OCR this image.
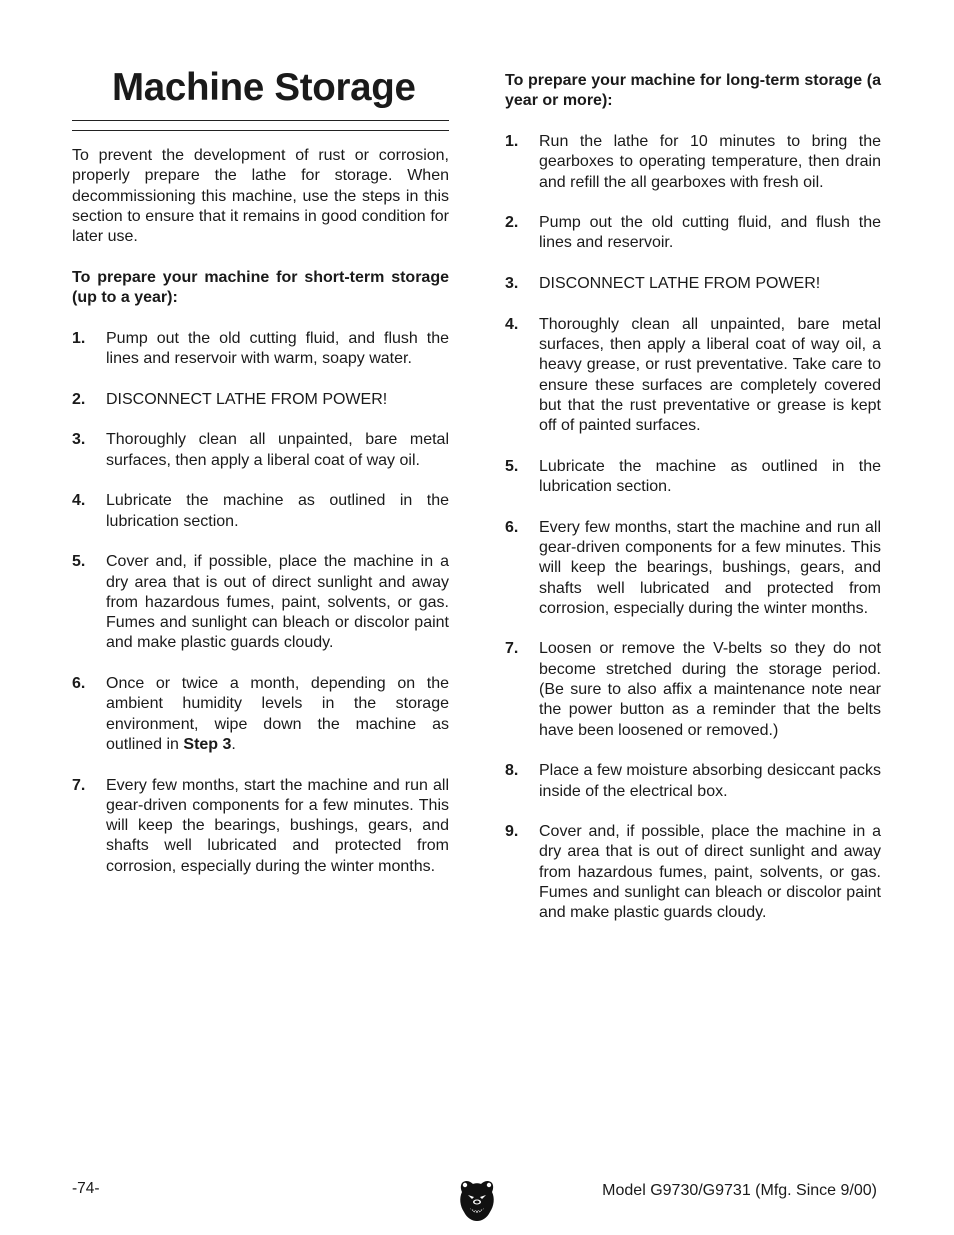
Machine Storage

To prevent the development of rust or corrosion, properly prepare the lathe for storage. When decommissioning this machine, use the steps in this section to ensure that it remains in good condition for later use.

To prepare your machine for short-term storage (up to a year):
1. Pump out the old cutting fluid, and flush the lines and reservoir with warm, soapy water.
2. DISCONNECT LATHE FROM POWER!
3. Thoroughly clean all unpainted, bare metal surfaces, then apply a liberal coat of way oil.
4. Lubricate the machine as outlined in the lubrication section.
5. Cover and, if possible, place the machine in a dry area that is out of direct sunlight and away from hazardous fumes, paint, solvents, or gas. Fumes and sunlight can bleach or discolor paint and make plastic guards cloudy.
6. Once or twice a month, depending on the ambient humidity levels in the storage environment, wipe down the machine as outlined in Step 3.
7. Every few months, start the machine and run all gear-driven components for a few minutes. This will keep the bearings, bushings, gears, and shafts well lubricated and protected from corrosion, especially during the winter months.
To prepare your machine for long-term storage (a year or more):
1. Run the lathe for 10 minutes to bring the gearboxes to operating temperature, then drain and refill the all gearboxes with fresh oil.
2. Pump out the old cutting fluid, and flush the lines and reservoir.
3. DISCONNECT LATHE FROM POWER!
4. Thoroughly clean all unpainted, bare metal surfaces, then apply a liberal coat of way oil, a heavy grease, or rust preventative. Take care to ensure these surfaces are completely covered but that the rust preventative or grease is kept off of painted surfaces.
5. Lubricate the machine as outlined in the lubrication section.
6. Every few months, start the machine and run all gear-driven components for a few minutes. This will keep the bearings, bushings, gears, and shafts well lubricated and protected from corrosion, especially during the winter months.
7. Loosen or remove the V-belts so they do not become stretched during the storage period. (Be sure to also affix a maintenance note near the power button as a reminder that the belts have been loosened or removed.)
8. Place a few moisture absorbing desiccant packs inside of the electrical box.
9. Cover and, if possible, place the machine in a dry area that is out of direct sunlight and away from hazardous fumes, paint, solvents, or gas. Fumes and sunlight can bleach or discolor paint and make plastic guards cloudy.
-74-	Model G9730/G9731 (Mfg. Since 9/00)
